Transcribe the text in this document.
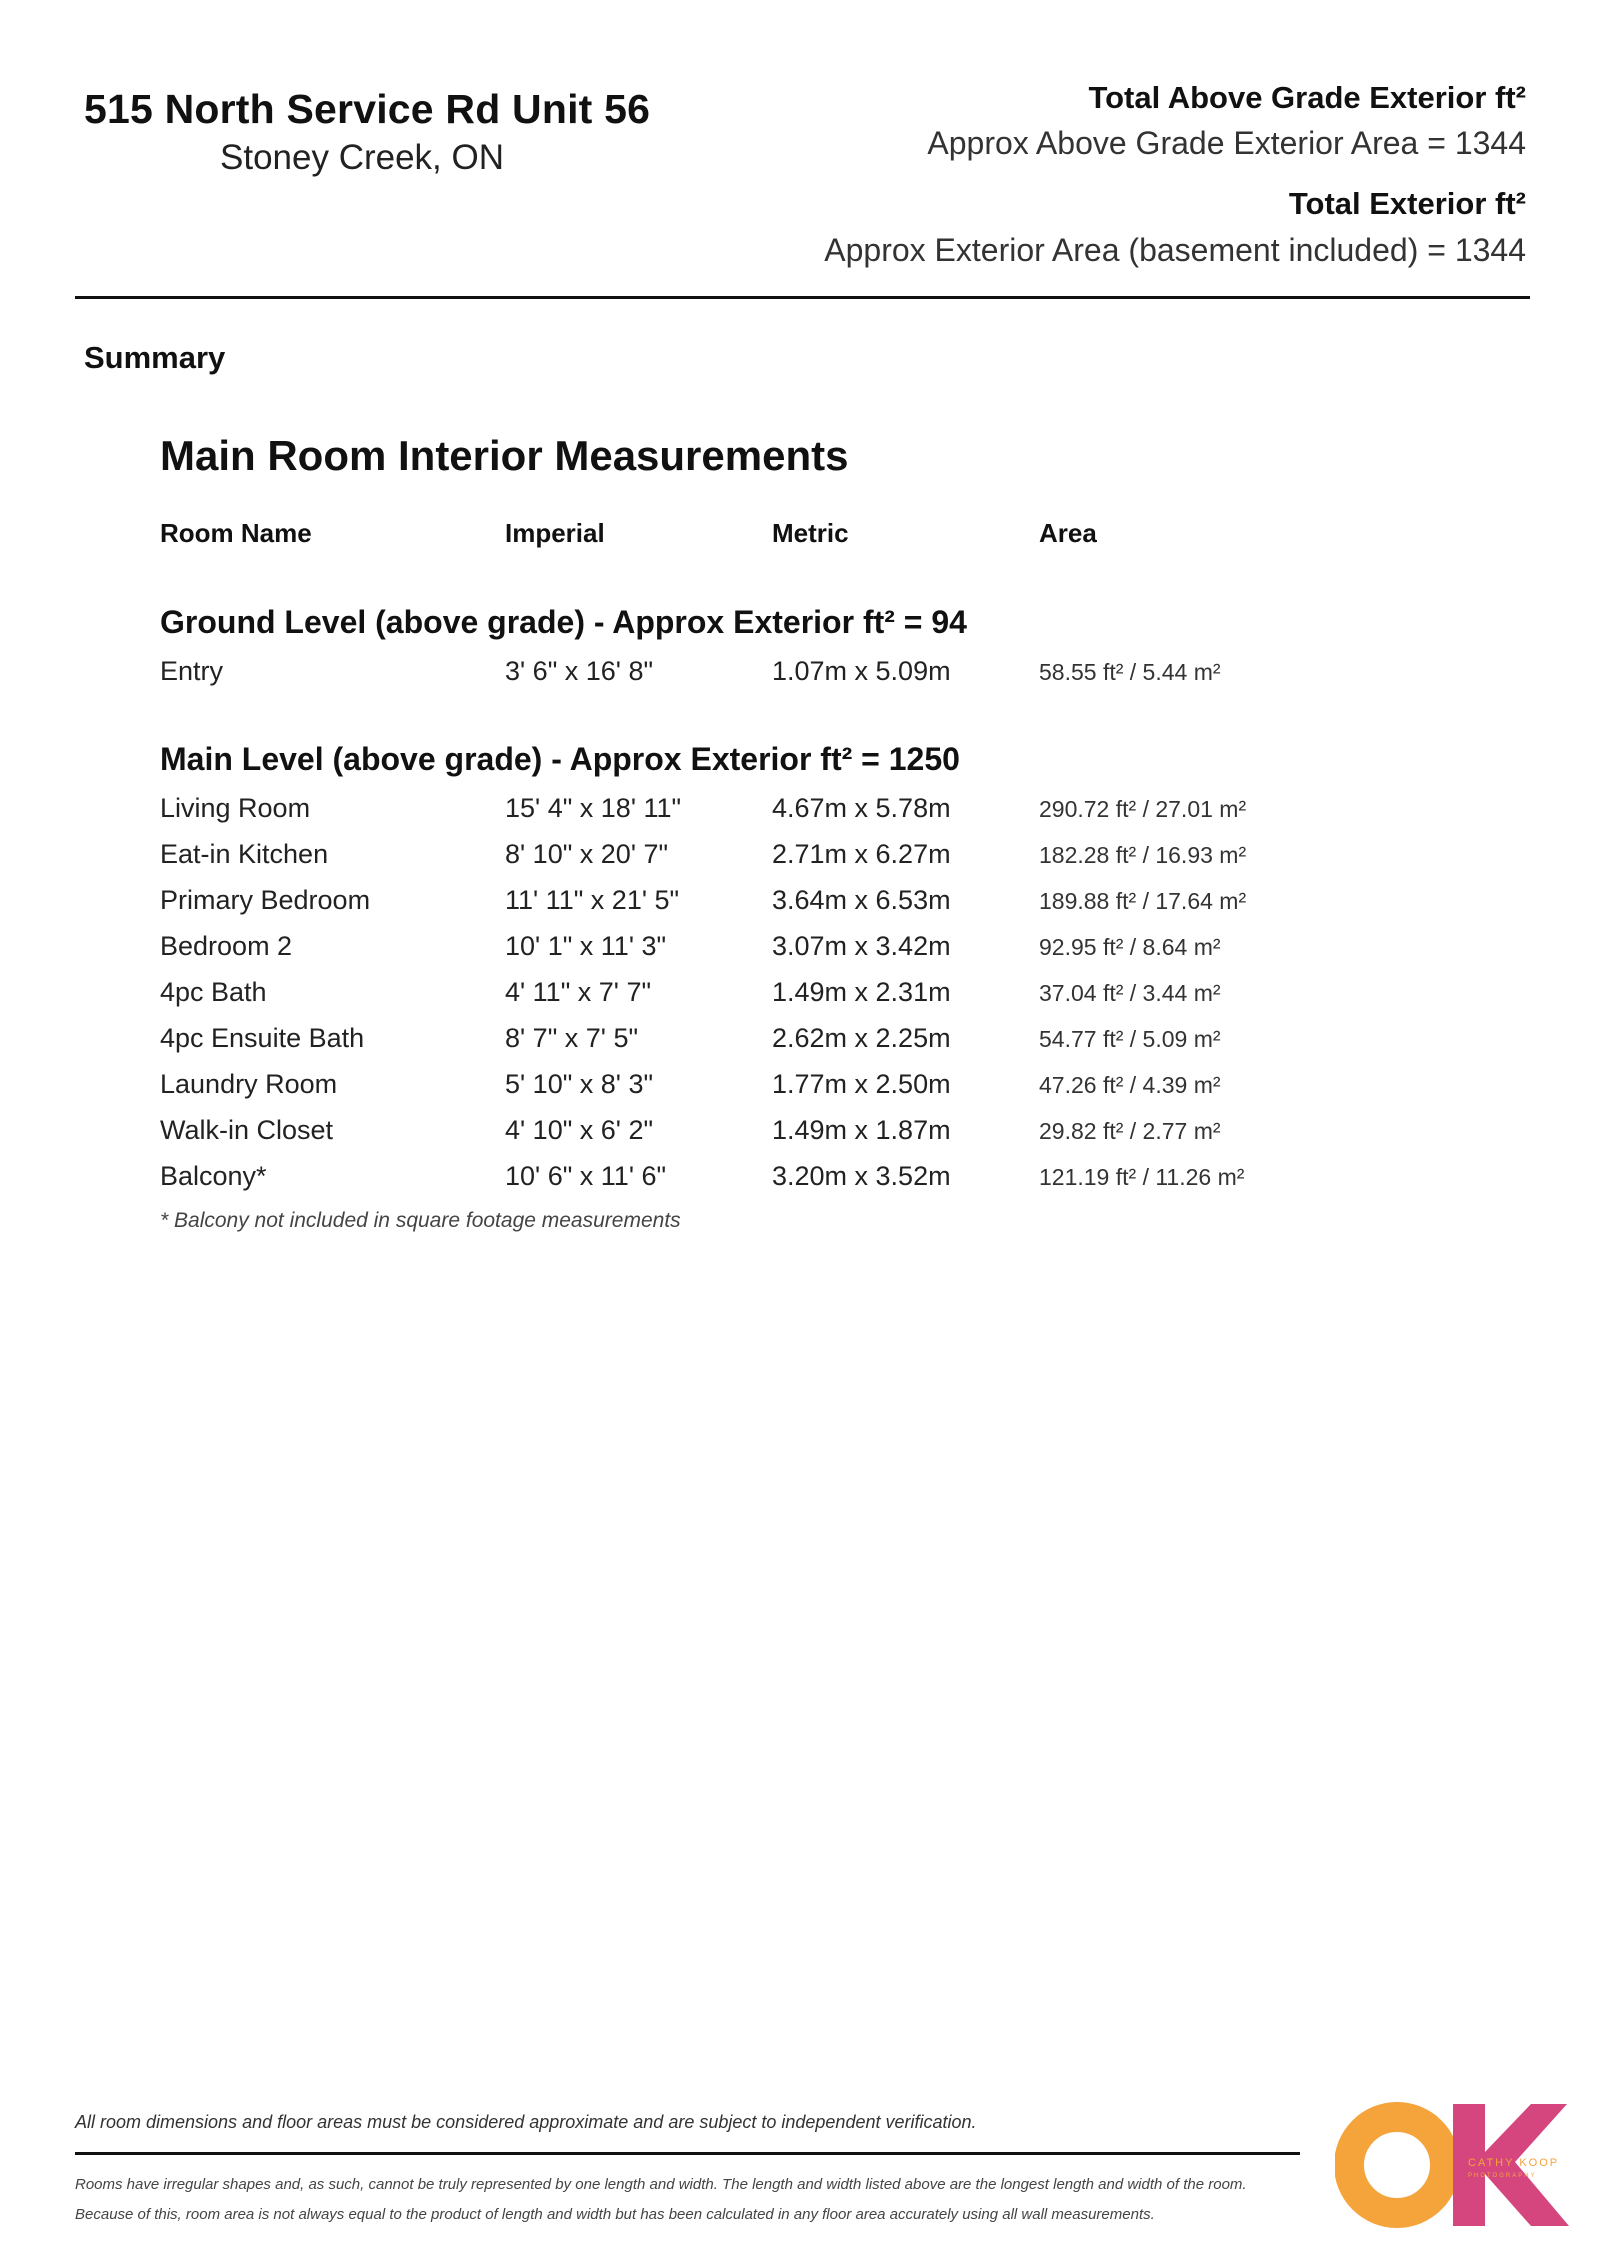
515 North Service Rd Unit 56
Stoney Creek, ON
Total Above Grade Exterior ft²
Approx Above Grade Exterior Area = 1344
Total Exterior ft²
Approx Exterior Area (basement included) = 1344
Summary
Main Room Interior Measurements
Room Name	Imperial	Metric	Area
Ground Level (above grade) - Approx Exterior ft² = 94
Entry	3' 6" x 16' 8"	1.07m x 5.09m	58.55 ft² / 5.44 m²
Main Level (above grade) - Approx Exterior ft² = 1250
Living Room	15' 4" x 18' 11"	4.67m x 5.78m	290.72 ft² / 27.01 m²
Eat-in Kitchen	8' 10" x 20' 7"	2.71m x 6.27m	182.28 ft² / 16.93 m²
Primary Bedroom	11' 11" x 21' 5"	3.64m x 6.53m	189.88 ft² / 17.64 m²
Bedroom 2	10' 1" x 11' 3"	3.07m x 3.42m	92.95 ft² / 8.64 m²
4pc Bath	4' 11" x 7' 7"	1.49m x 2.31m	37.04 ft² / 3.44 m²
4pc Ensuite Bath	8' 7" x 7' 5"	2.62m x 2.25m	54.77 ft² / 5.09 m²
Laundry Room	5' 10" x 8' 3"	1.77m x 2.50m	47.26 ft² / 4.39 m²
Walk-in Closet	4' 10" x 6' 2"	1.49m x 1.87m	29.82 ft² / 2.77 m²
Balcony*	10' 6" x 11' 6"	3.20m x 3.52m	121.19 ft² / 11.26 m²
* Balcony not included in square footage measurements
All room dimensions and floor areas must be considered approximate and are subject to independent verification.
Rooms have irregular shapes and, as such, cannot be truly represented by one length and width. The length and width listed above are the longest length and width of the room.
Because of this, room area is not always equal to the product of length and width but has been calculated in any floor area accurately using all wall measurements.
CATHY KOOP
PHOTOGRAPHY
